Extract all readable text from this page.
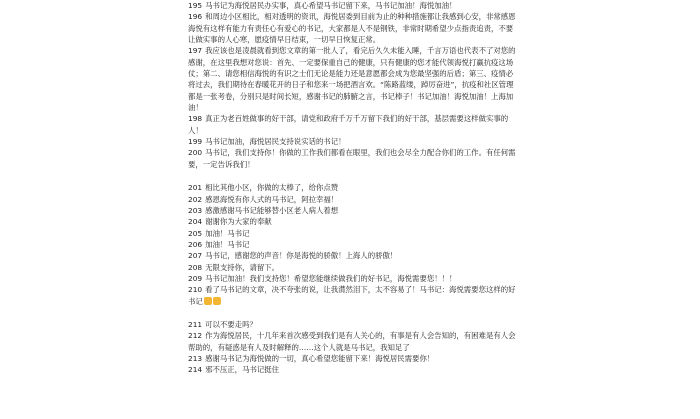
195 马书记为海悦居民办实事，真心希望马书记留下来，马书记加油！海悦加油！

196 和周边小区相比，相对透明的资讯，海悦居委到目前为止的种种措施都让我感到心安，非常感恩海悦有这样有能力有责任心有爱心的书记，大家都是人不是钢铁，非常时期希望少点指责追责，不要让做实事的人心寒，愿疫情早日结束，一切早日恢复正常。

197 我应该也是凌晨就看到您文章的第一批人了，看完后久久未能入睡，千言万语也代表不了对您的感谢，在这里我想对您说：首先、一定要保重自己的健康，只有健康的您才能代领海悦打赢抗疫这场仗；第二、请您相信海悦的有识之士们无论是能力还是意愿都会成为您最坚强的后盾；第三、疫情必将过去，我们期待在春暖花开的日子和您来一场把酒言欢。“陈路蓝缕，踔厉奋进”，抗疫和社区管理都是一张考卷，分别只是时间长短，感谢书记的肺腑之言，书记棒子！书记加油！海悦加油！上海加油！

198 真正为老百姓做事的好干部，请党和政府千万千万留下我们的好干部，基层需要这样做实事的人！

199 马书记加油，海悦居民支持说实话的书记！

200 马书记，我们支持你！你做的工作我们都看在眼里，我们也会尽全力配合你们的工作。有任何需要，一定告诉我们！

201 相比其他小区，你做的太棒了，给你点赞

202 感恩海悦有你人式的马书记，阿拉幸福！

203 感激感谢马书记能够替小区老人病人着想

204 谢谢你为大家的奉献

205 加油！马书记

206 加油！马书记

207 马书记，感谢您的声音！你是海悦的骄傲！上海人的骄傲！

208 无限支持你，请留下。

209 马书记加油！我们支持您！希望您能继续做我们的好书记，海悦需要您！！！

210 看了马书记的文章，决不夸张的说，让我潸然泪下，太不容易了！马书记：海悦需要您这样的好书记

211 可以不要走吗？

212 作为海悦居民，十几年来首次感受到我们是有人关心的，有事是有人会告知的，有困难是有人会帮助的，有疑惑是有人及时解释的……这个人就是马书记，我知足了

213 感谢马书记为海悦做的一切，真心希望您能留下来！海悦居民需要你！

214 邪不压正，马书记挺住
